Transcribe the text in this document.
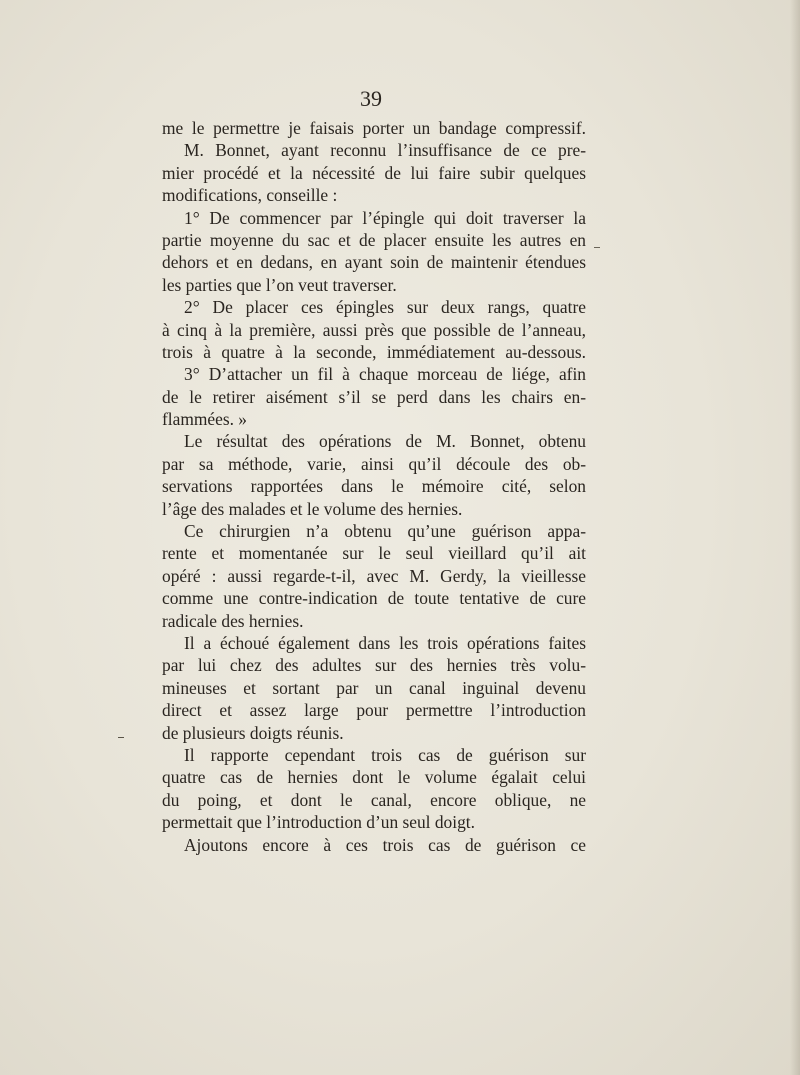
39
me le permettre je faisais porter un bandage compressif.
M. Bonnet, ayant reconnu l’insuffisance de ce pre-
mier procédé et la nécessité de lui faire subir quelques
modifications, conseille :
1° De commencer par l’épingle qui doit traverser la
partie moyenne du sac et de placer ensuite les autres en
dehors et en dedans, en ayant soin de maintenir étendues
les parties que l’on veut traverser.
2° De placer ces épingles sur deux rangs, quatre
à cinq à la première, aussi près que possible de l’anneau,
trois à quatre à la seconde, immédiatement au-dessous.
3° D’attacher un fil à chaque morceau de liége, afin
de le retirer aisément s’il se perd dans les chairs en-
flammées. »
Le résultat des opérations de M. Bonnet, obtenu
par sa méthode, varie, ainsi qu’il découle des ob-
servations rapportées dans le mémoire cité, selon
l’âge des malades et le volume des hernies.
Ce chirurgien n’a obtenu qu’une guérison appa-
rente et momentanée sur le seul vieillard qu’il ait
opéré : aussi regarde-t-il, avec M. Gerdy, la vieillesse
comme une contre-indication de toute tentative de cure
radicale des hernies.
Il a échoué également dans les trois opérations faites
par lui chez des adultes sur des hernies très volu-
mineuses et sortant par un canal inguinal devenu
direct et assez large pour permettre l’introduction
de plusieurs doigts réunis.
Il rapporte cependant trois cas de guérison sur
quatre cas de hernies dont le volume égalait celui
du poing, et dont le canal, encore oblique, ne
permettait que l’introduction d’un seul doigt.
Ajoutons encore à ces trois cas de guérison ce
